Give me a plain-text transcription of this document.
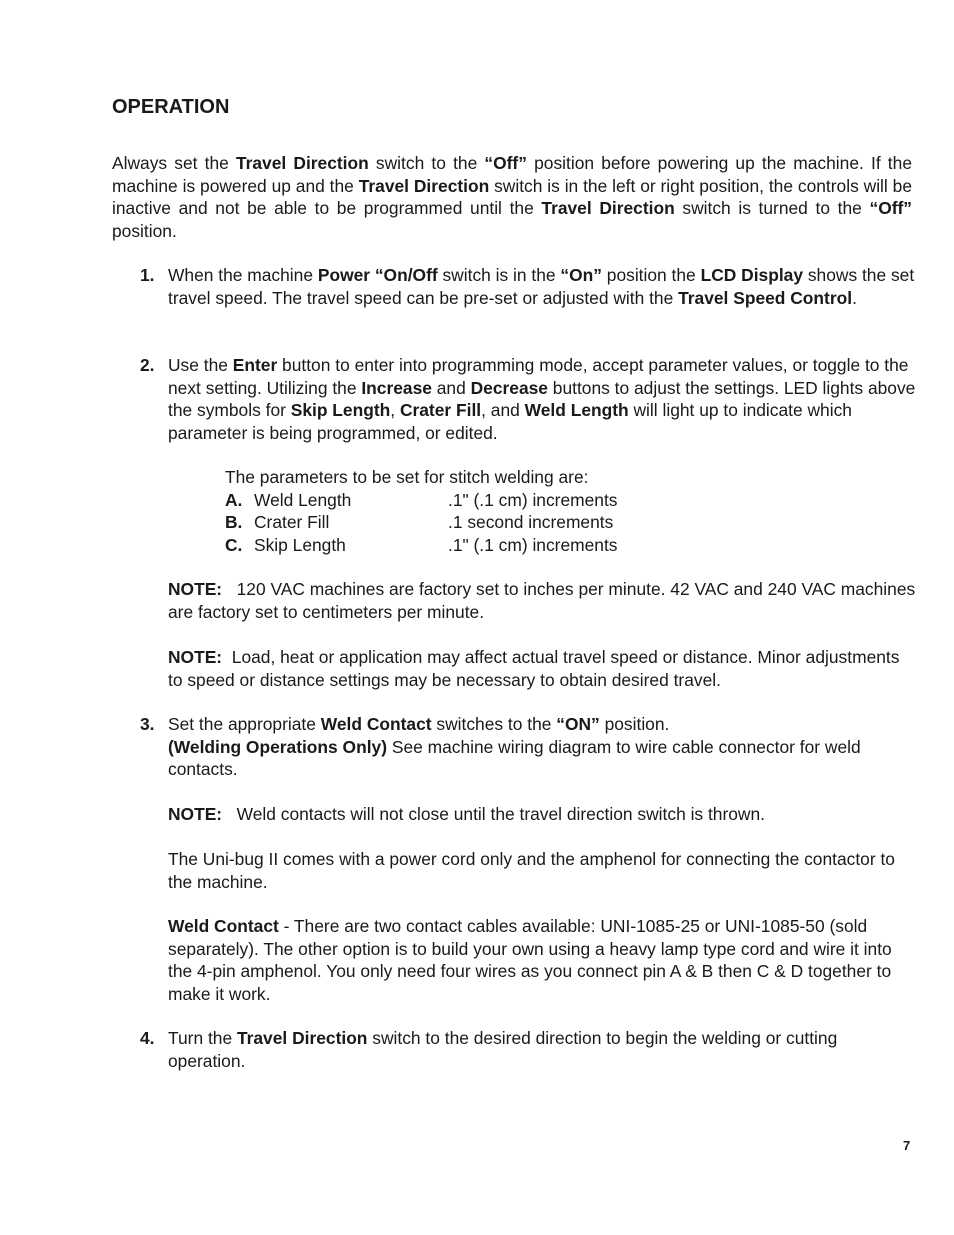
OPERATION

Always set the Travel Direction switch to the “Off” position before powering up the machine. If the machine is powered up and the Travel Direction switch is in the left or right position, the controls will be inactive and not be able to be programmed until the Travel Direction switch is turned to the “Off” position.

1. When the machine Power “On/Off switch is in the “On” position the LCD Display shows the set travel speed. The travel speed can be pre-set or adjusted with the Travel Speed Control.

2. Use the Enter button to enter into programming mode, accept parameter values, or toggle to the next setting. Utilizing the Increase and Decrease buttons to adjust the settings. LED lights above the symbols for Skip Length, Crater Fill, and Weld Length will light up to indicate which parameter is being programmed, or edited.

The parameters to be set for stitch welding are:
A. Weld Length	.1" (.1 cm) increments
B. Crater Fill	.1 second increments
C. Skip Length	.1" (.1 cm) increments

NOTE:   120 VAC machines are factory set to inches per minute. 42 VAC and 240 VAC machines are factory set to centimeters per minute.

NOTE:  Load, heat or application may affect actual travel speed or distance. Minor adjustments to speed or distance settings may be necessary to obtain desired travel.

3. Set the appropriate Weld Contact switches to the “ON” position.
(Welding Operations Only) See machine wiring diagram to wire cable connector for weld contacts.

NOTE:   Weld contacts will not close until the travel direction switch is thrown.

The Uni-bug II comes with a power cord only and the amphenol for connecting the contactor to the machine.

Weld Contact - There are two contact cables available: UNI-1085-25 or UNI-1085-50 (sold separately). The other option is to build your own using a heavy lamp type cord and wire it into the 4-pin amphenol. You only need four wires as you connect pin A & B then C & D together to make it work.

4. Turn the Travel Direction switch to the desired direction to begin the welding or cutting operation.

7
